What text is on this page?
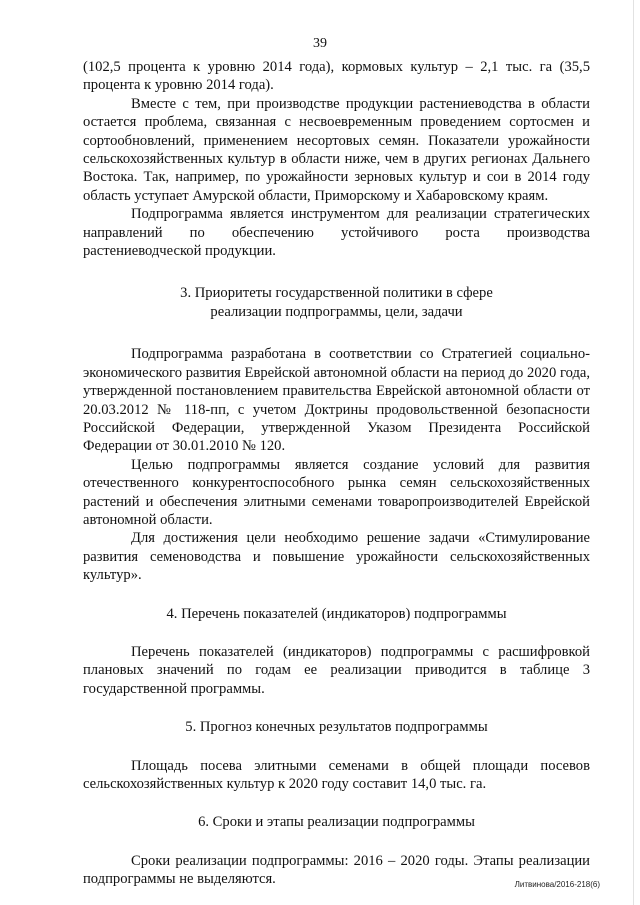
39

(102,5 процента к уровню 2014 года), кормовых культур – 2,1 тыс. га (35,5 процента к уровню 2014 года).

Вместе с тем, при производстве продукции растениеводства в области остается проблема, связанная с несвоевременным проведением сортосмен и сортообновлений, применением несортовых семян. Показатели урожайности сельскохозяйственных культур в области ниже, чем в других регионах Дальнего Востока. Так, например, по урожайности зерновых культур и сои в 2014 году область уступает Амурской области, Приморскому и Хабаровскому краям.

Подпрограмма является инструментом для реализации стратегических направлений по обеспечению устойчивого роста производства растениеводческой продукции.

3. Приоритеты государственной политики в сфере

реализации подпрограммы, цели, задачи

Подпрограмма разработана в соответствии со Стратегией социально-экономического развития Еврейской автономной области на период до 2020 года, утвержденной постановлением правительства Еврейской автономной области от 20.03.2012 № 118-пп, с учетом Доктрины продовольственной безопасности Российской Федерации, утвержденной Указом Президента Российской Федерации от 30.01.2010 № 120.

Целью подпрограммы является создание условий для развития отечественного конкурентоспособного рынка семян сельскохозяйственных растений и обеспечения элитными семенами товаропроизводителей Еврейской автономной области.

Для достижения цели необходимо решение задачи «Стимулирование развития семеноводства и повышение урожайности сельскохозяйственных культур».

4. Перечень показателей (индикаторов) подпрограммы

Перечень показателей (индикаторов) подпрограммы с расшифровкой плановых значений по годам ее реализации приводится в таблице 3 государственной программы.

5. Прогноз конечных результатов подпрограммы

Площадь посева элитными семенами в общей площади посевов сельскохозяйственных культур к 2020 году составит 14,0 тыс. га.

6. Сроки и этапы реализации подпрограммы

Сроки реализации подпрограммы: 2016 – 2020 годы. Этапы реализации подпрограммы не выделяются.	Литвинова/2016-218(6)
